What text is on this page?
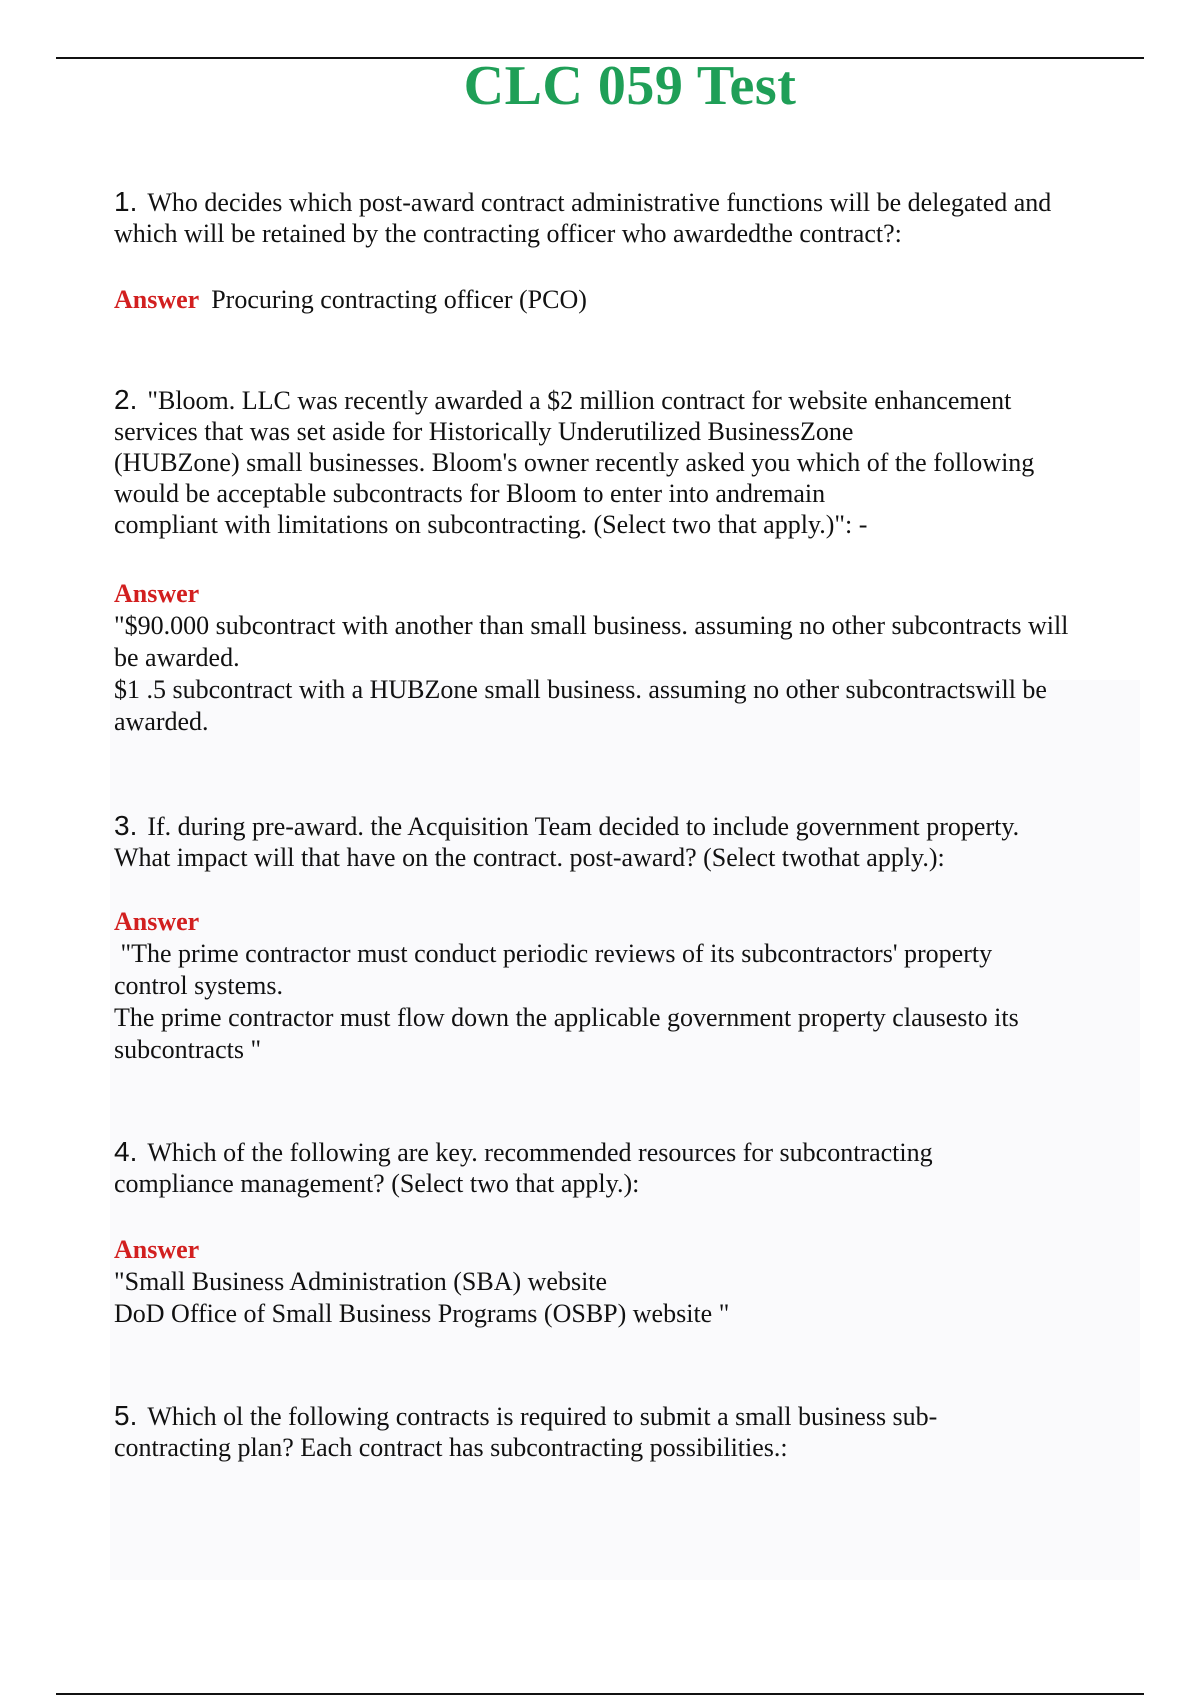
CLC 059 Test
1. Who decides which post-award contract administrative functions will be delegated and
which will be retained by the contracting officer who awardedthe contract?:
Answer Procuring contracting officer (PCO)
2. "Bloom. LLC was recently awarded a $2 million contract for website enhancement
services that was set aside for Historically Underutilized BusinessZone
(HUBZone) small businesses. Bloom's owner recently asked you which of the following
would be acceptable subcontracts for Bloom to enter into andremain
compliant with limitations on subcontracting. (Select two that apply.)": -
Answer
"$90.000 subcontract with another than small business. assuming no other subcontracts will
be awarded.
$1 .5 subcontract with a HUBZone small business. assuming no other subcontractswill be
awarded.
3. If. during pre-award. the Acquisition Team decided to include government property.
What impact will that have on the contract. post-award? (Select twothat apply.):
Answer
"The prime contractor must conduct periodic reviews of its subcontractors' property
control systems.
The prime contractor must flow down the applicable government property clausesto its
subcontracts "
4. Which of the following are key. recommended resources for subcontracting
compliance management? (Select two that apply.):
Answer
"Small Business Administration (SBA) website
DoD Office of Small Business Programs (OSBP) website "
5. Which ol the following contracts is required to submit a small business sub-
contracting plan? Each contract has subcontracting possibilities.:
